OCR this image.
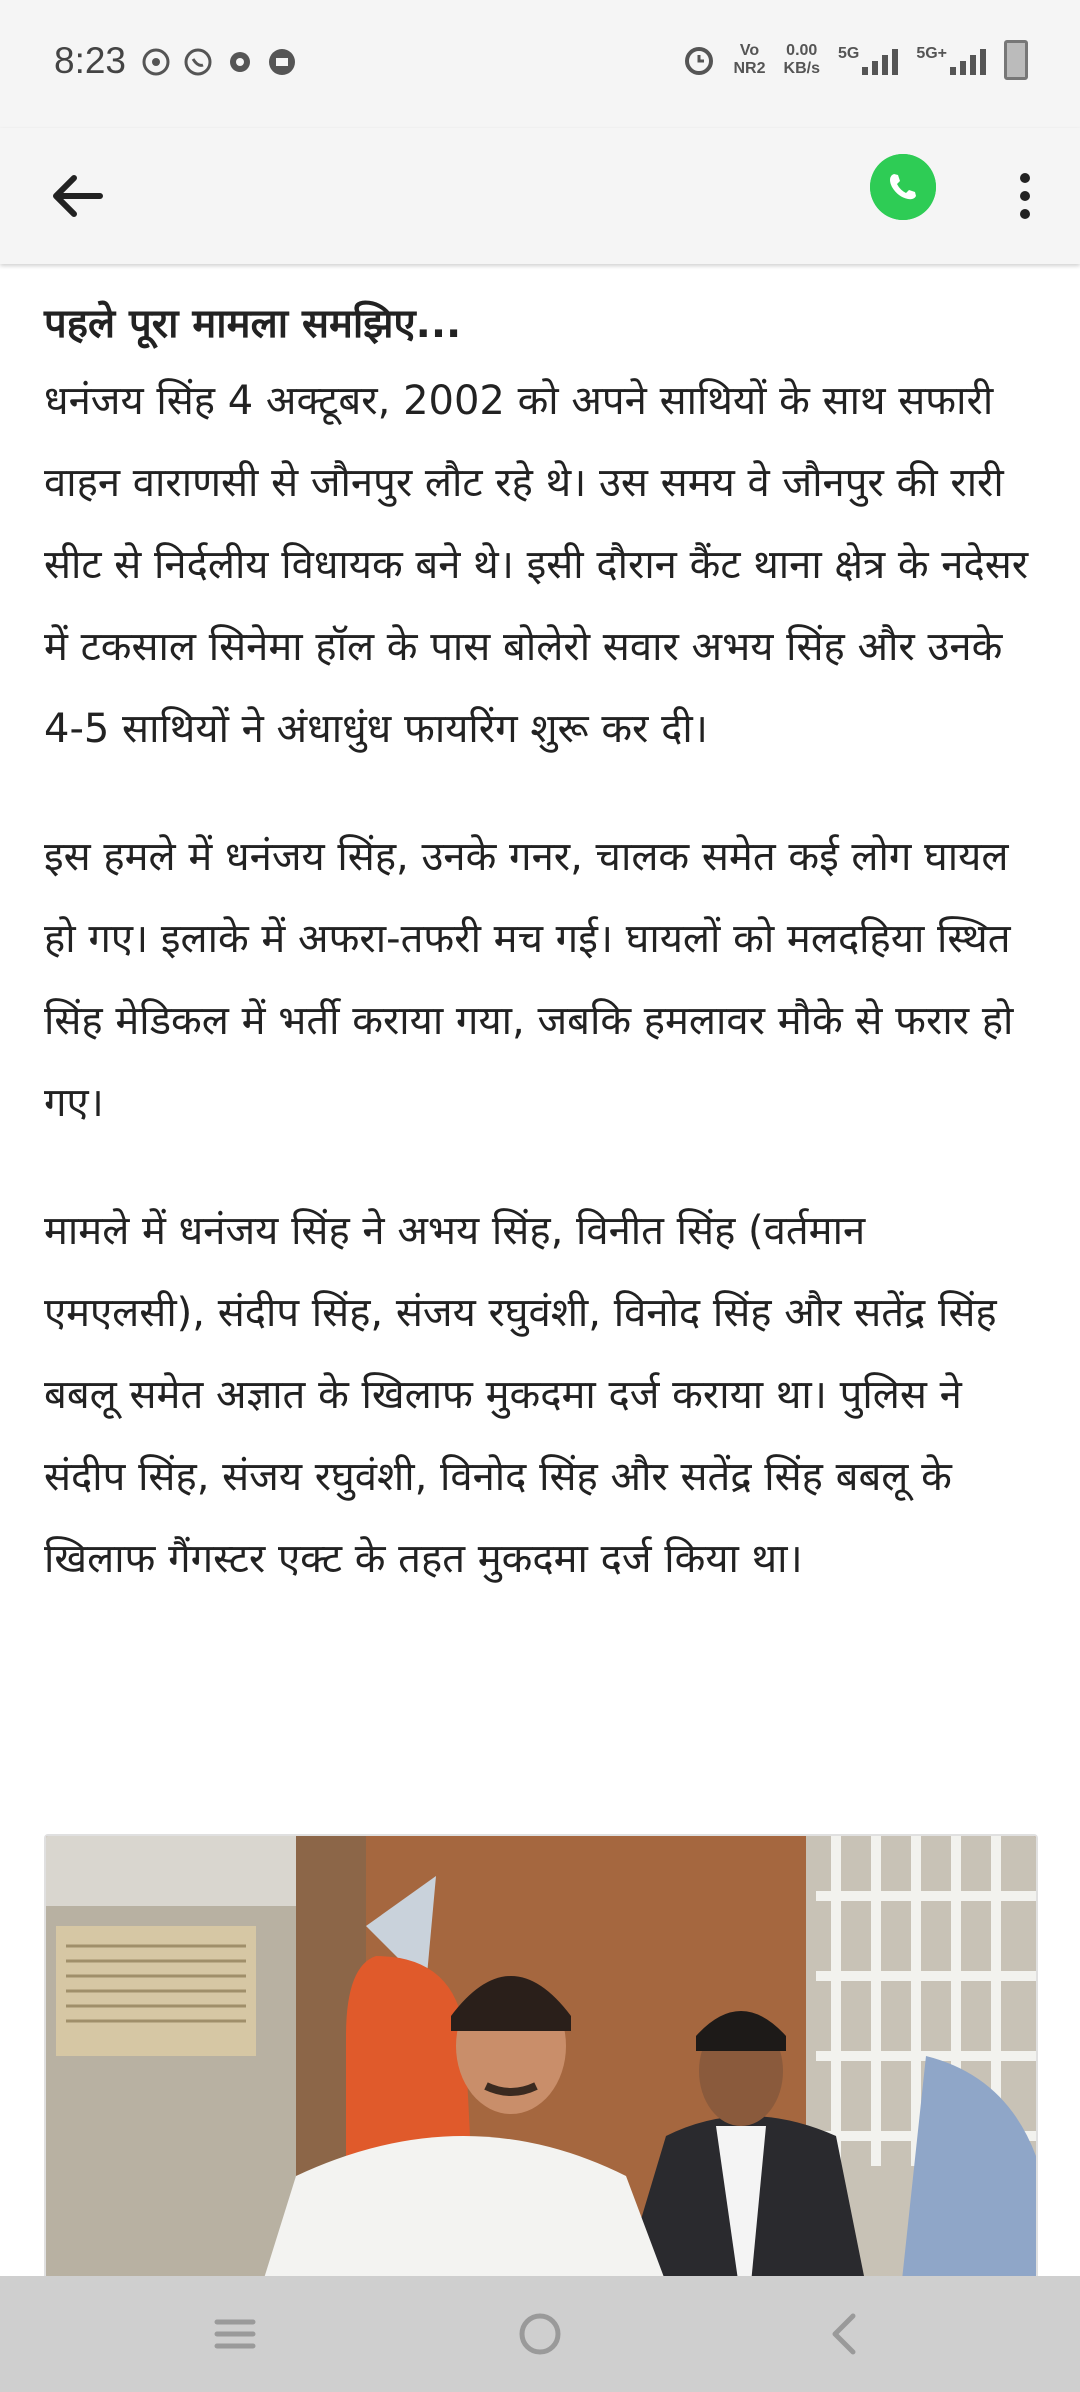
8:23	Vo
NR2
0.00
KB/s
5G	5G+
पहले पूरा मामला समझिए...

धनंजय सिंह 4 अक्टूबर, 2002 को अपने साथियों के साथ सफारी वाहन वाराणसी से जौनपुर लौट रहे थे। उस समय वे जौनपुर की रारी सीट से निर्दलीय विधायक बने थे। इसी दौरान कैंट थाना क्षेत्र के नदेसर में टकसाल सिनेमा हॉल के पास बोलेरो सवार अभय सिंह और उनके 4-5 साथियों ने अंधाधुंध फायरिंग शुरू कर दी।

इस हमले में धनंजय सिंह, उनके गनर, चालक समेत कई लोग घायल हो गए। इलाके में अफरा-तफरी मच गई। घायलों को मलदहिया स्थित सिंह मेडिकल में भर्ती कराया गया, जबकि हमलावर मौके से फरार हो गए।

मामले में धनंजय सिंह ने अभय सिंह, विनीत सिंह (वर्तमान एमएलसी), संदीप सिंह, संजय रघुवंशी, विनोद सिंह और सतेंद्र सिंह बबलू समेत अज्ञात के खिलाफ मुकदमा दर्ज कराया था। पुलिस ने संदीप सिंह, संजय रघुवंशी, विनोद सिंह और सतेंद्र सिंह बबलू के खिलाफ गैंगस्टर एक्ट के तहत मुकदमा दर्ज किया था।
